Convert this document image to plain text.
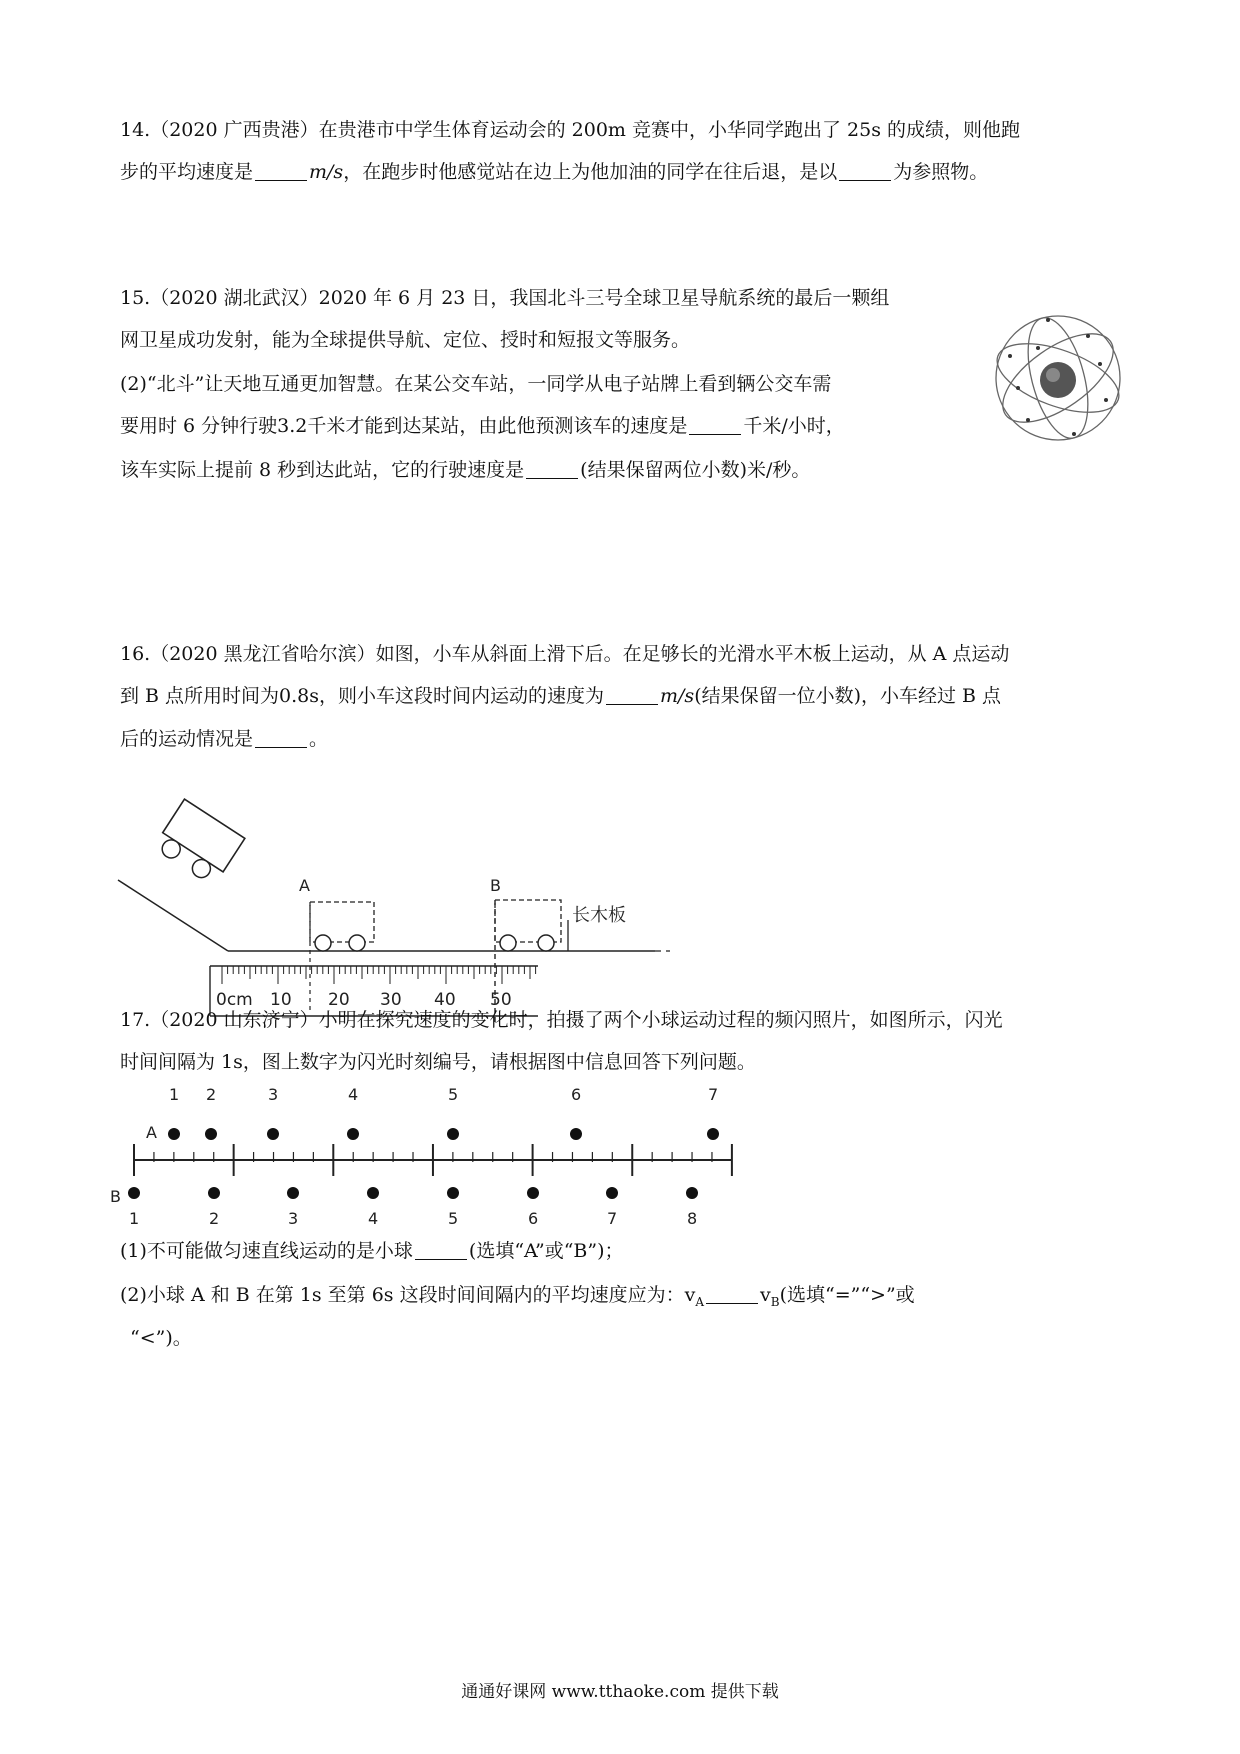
14.（2020 广西贵港）在贵港市中学生体育运动会的 200m 竞赛中，小华同学跑出了 25s 的成绩，则他跑
步的平均速度是	m/s，在跑步时他感觉站在边上为他加油的同学在往后退，是以	为参照物。
15.（2020 湖北武汉）2020 年 6 月 23 日，我国北斗三号全球卫星导航系统的最后一颗组
网卫星成功发射，能为全球提供导航、定位、授时和短报文等服务。
(2)“北斗”让天地互通更加智慧。在某公交车站，一同学从电子站牌上看到辆公交车需
要用时 6 分钟行驶3.2千米才能到达某站，由此他预测该车的速度是	千米/小时，
该车实际上提前 8 秒到达此站，它的行驶速度是	(结果保留两位小数)米/秒。
16.（2020 黑龙江省哈尔滨）如图，小车从斜面上滑下后。在足够长的光滑水平木板上运动，从 A 点运动
到 B 点所用时间为0.8s，则小车这段时间内运动的速度为	m/s(结果保留一位小数)，小车经过 B 点
后的运动情况是	。
A	B
长木板
0cm 10 20 30 40 50
17.（2020 山东济宁）小明在探究速度的变化时，拍摄了两个小球运动过程的频闪照片，如图所示，闪光
时间间隔为 1s，图上数字为闪光时刻编号，请根据图中信息回答下列问题。
A
B
1 2	3	4	5	6	7
1	2	3	4	5	6	7	8
(1)不可能做匀速直线运动的是小球	(选填“A”或“B”)；
(2)小球 A 和 B 在第 1s 至第 6s 这段时间间隔内的平均速度应为：$v_A$	$v_B$(选填“=”“>”或
“<”)。
通通好课网 www.tthaoke.com 提供下载
